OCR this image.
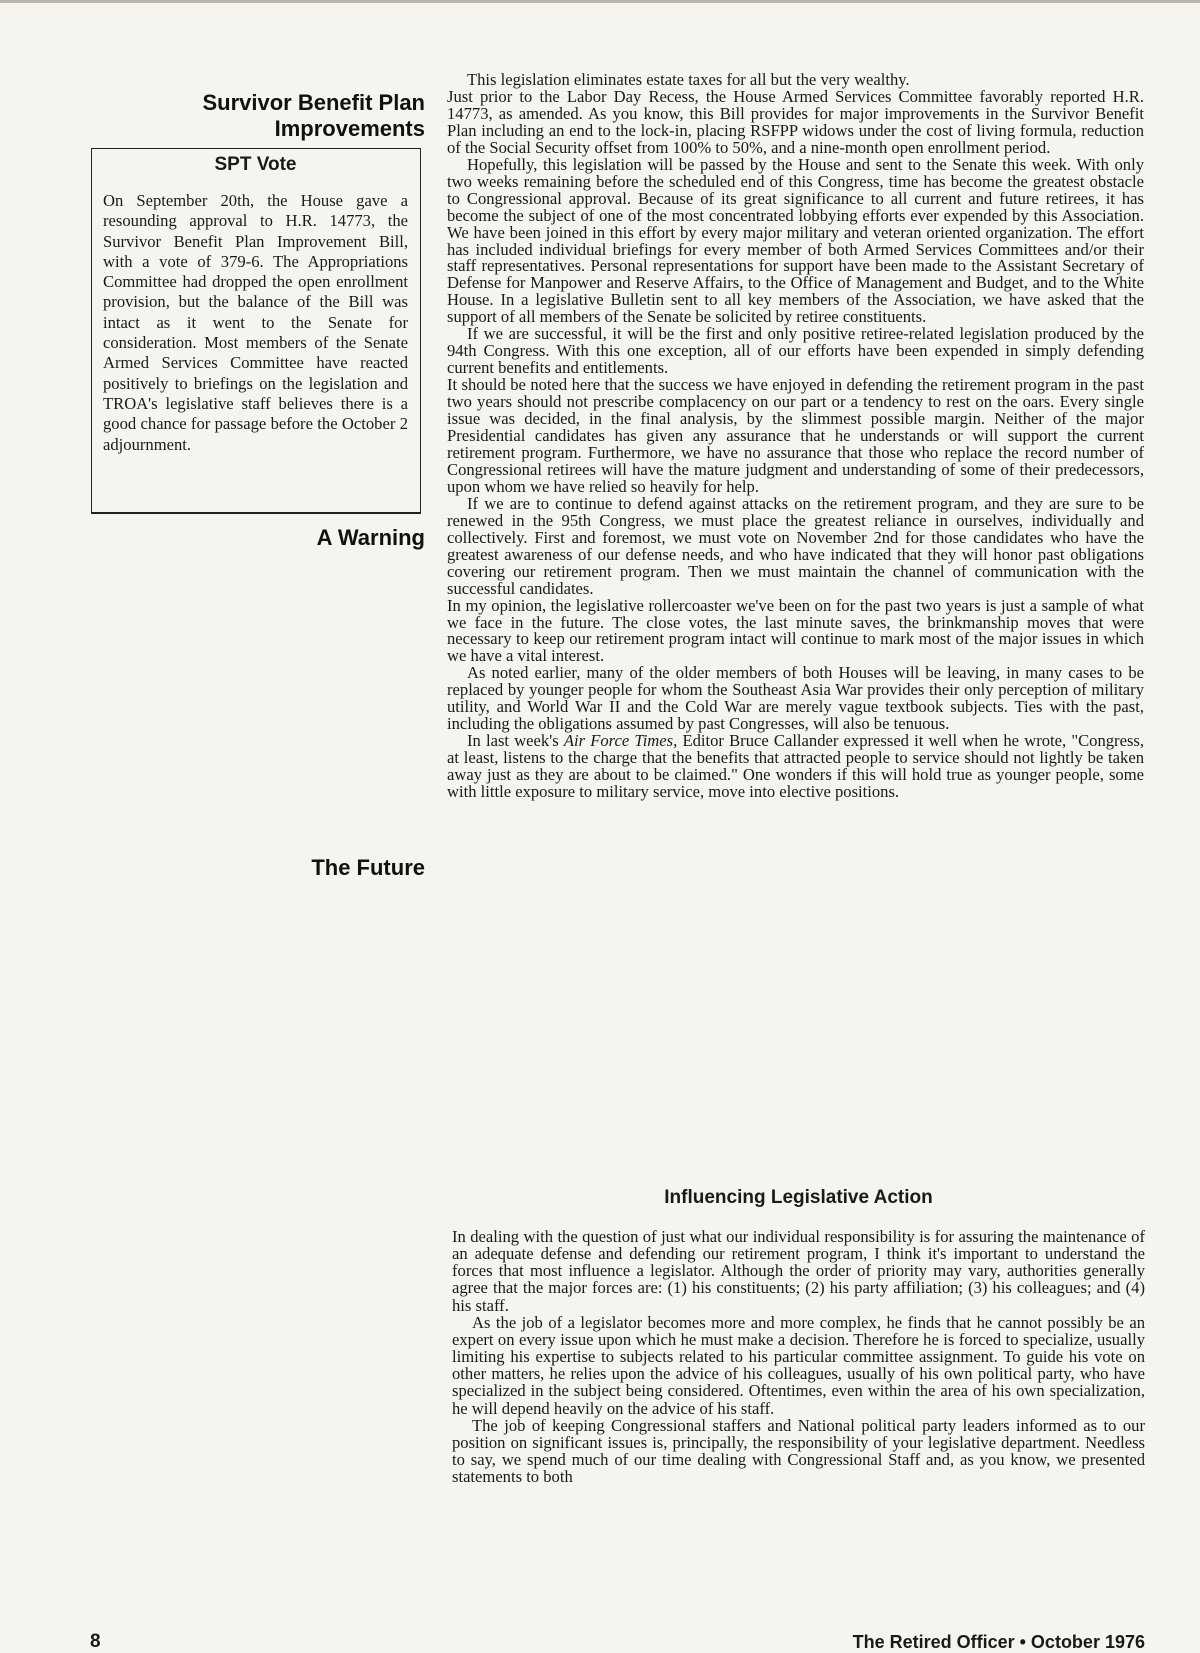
Survivor Benefit Plan
Improvements
SPT Vote

On September 20th, the House gave a resounding approval to H.R. 14773, the Survivor Benefit Plan Improvement Bill, with a vote of 379-6. The Appropriations Committee had dropped the open enrollment provision, but the balance of the Bill was intact as it went to the Senate for consideration. Most members of the Senate Armed Services Committee have reacted positively to briefings on the legislation and TROA's legislative staff believes there is a good chance for passage before the October 2 adjournment.

A Warning
The Future

This legislation eliminates estate taxes for all but the very wealthy.

Just prior to the Labor Day Recess, the House Armed Services Committee favorably reported H.R. 14773, as amended. As you know, this Bill provides for major improvements in the Survivor Benefit Plan including an end to the lock-in, placing RSFPP widows under the cost of living formula, reduction of the Social Security offset from 100% to 50%, and a nine-month open enrollment period.

Hopefully, this legislation will be passed by the House and sent to the Senate this week. With only two weeks remaining before the scheduled end of this Congress, time has become the greatest obstacle to Congressional approval. Because of its great significance to all current and future retirees, it has become the subject of one of the most concentrated lobbying efforts ever expended by this Association. We have been joined in this effort by every major military and veteran oriented organization. The effort has included individual briefings for every member of both Armed Services Committees and/or their staff representatives. Personal representations for support have been made to the Assistant Secretary of Defense for Manpower and Reserve Affairs, to the Office of Management and Budget, and to the White House. In a legislative Bulletin sent to all key members of the Association, we have asked that the support of all members of the Senate be solicited by retiree constituents.

If we are successful, it will be the first and only positive retiree-related legislation produced by the 94th Congress. With this one exception, all of our efforts have been expended in simply defending current benefits and entitlements.

It should be noted here that the success we have enjoyed in defending the retirement program in the past two years should not prescribe complacency on our part or a tendency to rest on the oars. Every single issue was decided, in the final analysis, by the slimmest possible margin. Neither of the major Presidential candidates has given any assurance that he understands or will support the current retirement program. Furthermore, we have no assurance that those who replace the record number of Congressional retirees will have the mature judgment and understanding of some of their predecessors, upon whom we have relied so heavily for help.

If we are to continue to defend against attacks on the retirement program, and they are sure to be renewed in the 95th Congress, we must place the greatest reliance in ourselves, individually and collectively. First and foremost, we must vote on November 2nd for those candidates who have the greatest awareness of our defense needs, and who have indicated that they will honor past obligations covering our retirement program. Then we must maintain the channel of communication with the successful candidates.

In my opinion, the legislative rollercoaster we've been on for the past two years is just a sample of what we face in the future. The close votes, the last minute saves, the brinkmanship moves that were necessary to keep our retirement program intact will continue to mark most of the major issues in which we have a vital interest.

As noted earlier, many of the older members of both Houses will be leaving, in many cases to be replaced by younger people for whom the Southeast Asia War provides their only perception of military utility, and World War II and the Cold War are merely vague textbook subjects. Ties with the past, including the obligations assumed by past Congresses, will also be tenuous.

In last week's Air Force Times, Editor Bruce Callander expressed it well when he wrote, "Congress, at least, listens to the charge that the benefits that attracted people to service should not lightly be taken away just as they are about to be claimed." One wonders if this will hold true as younger people, some with little exposure to military service, move into elective positions.

Influencing Legislative Action

In dealing with the question of just what our individual responsibility is for assuring the maintenance of an adequate defense and defending our retirement program, I think it's important to understand the forces that most influence a legislator. Although the order of priority may vary, authorities generally agree that the major forces are: (1) his constituents; (2) his party affiliation; (3) his colleagues; and (4) his staff.

As the job of a legislator becomes more and more complex, he finds that he cannot possibly be an expert on every issue upon which he must make a decision. Therefore he is forced to specialize, usually limiting his expertise to subjects related to his particular committee assignment. To guide his vote on other matters, he relies upon the advice of his colleagues, usually of his own political party, who have specialized in the subject being considered. Oftentimes, even within the area of his own specialization, he will depend heavily on the advice of his staff.

The job of keeping Congressional staffers and National political party leaders informed as to our position on significant issues is, principally, the responsibility of your legislative department. Needless to say, we spend much of our time dealing with Congressional Staff and, as you know, we presented statements to both

8	The Retired Officer • October 1976
